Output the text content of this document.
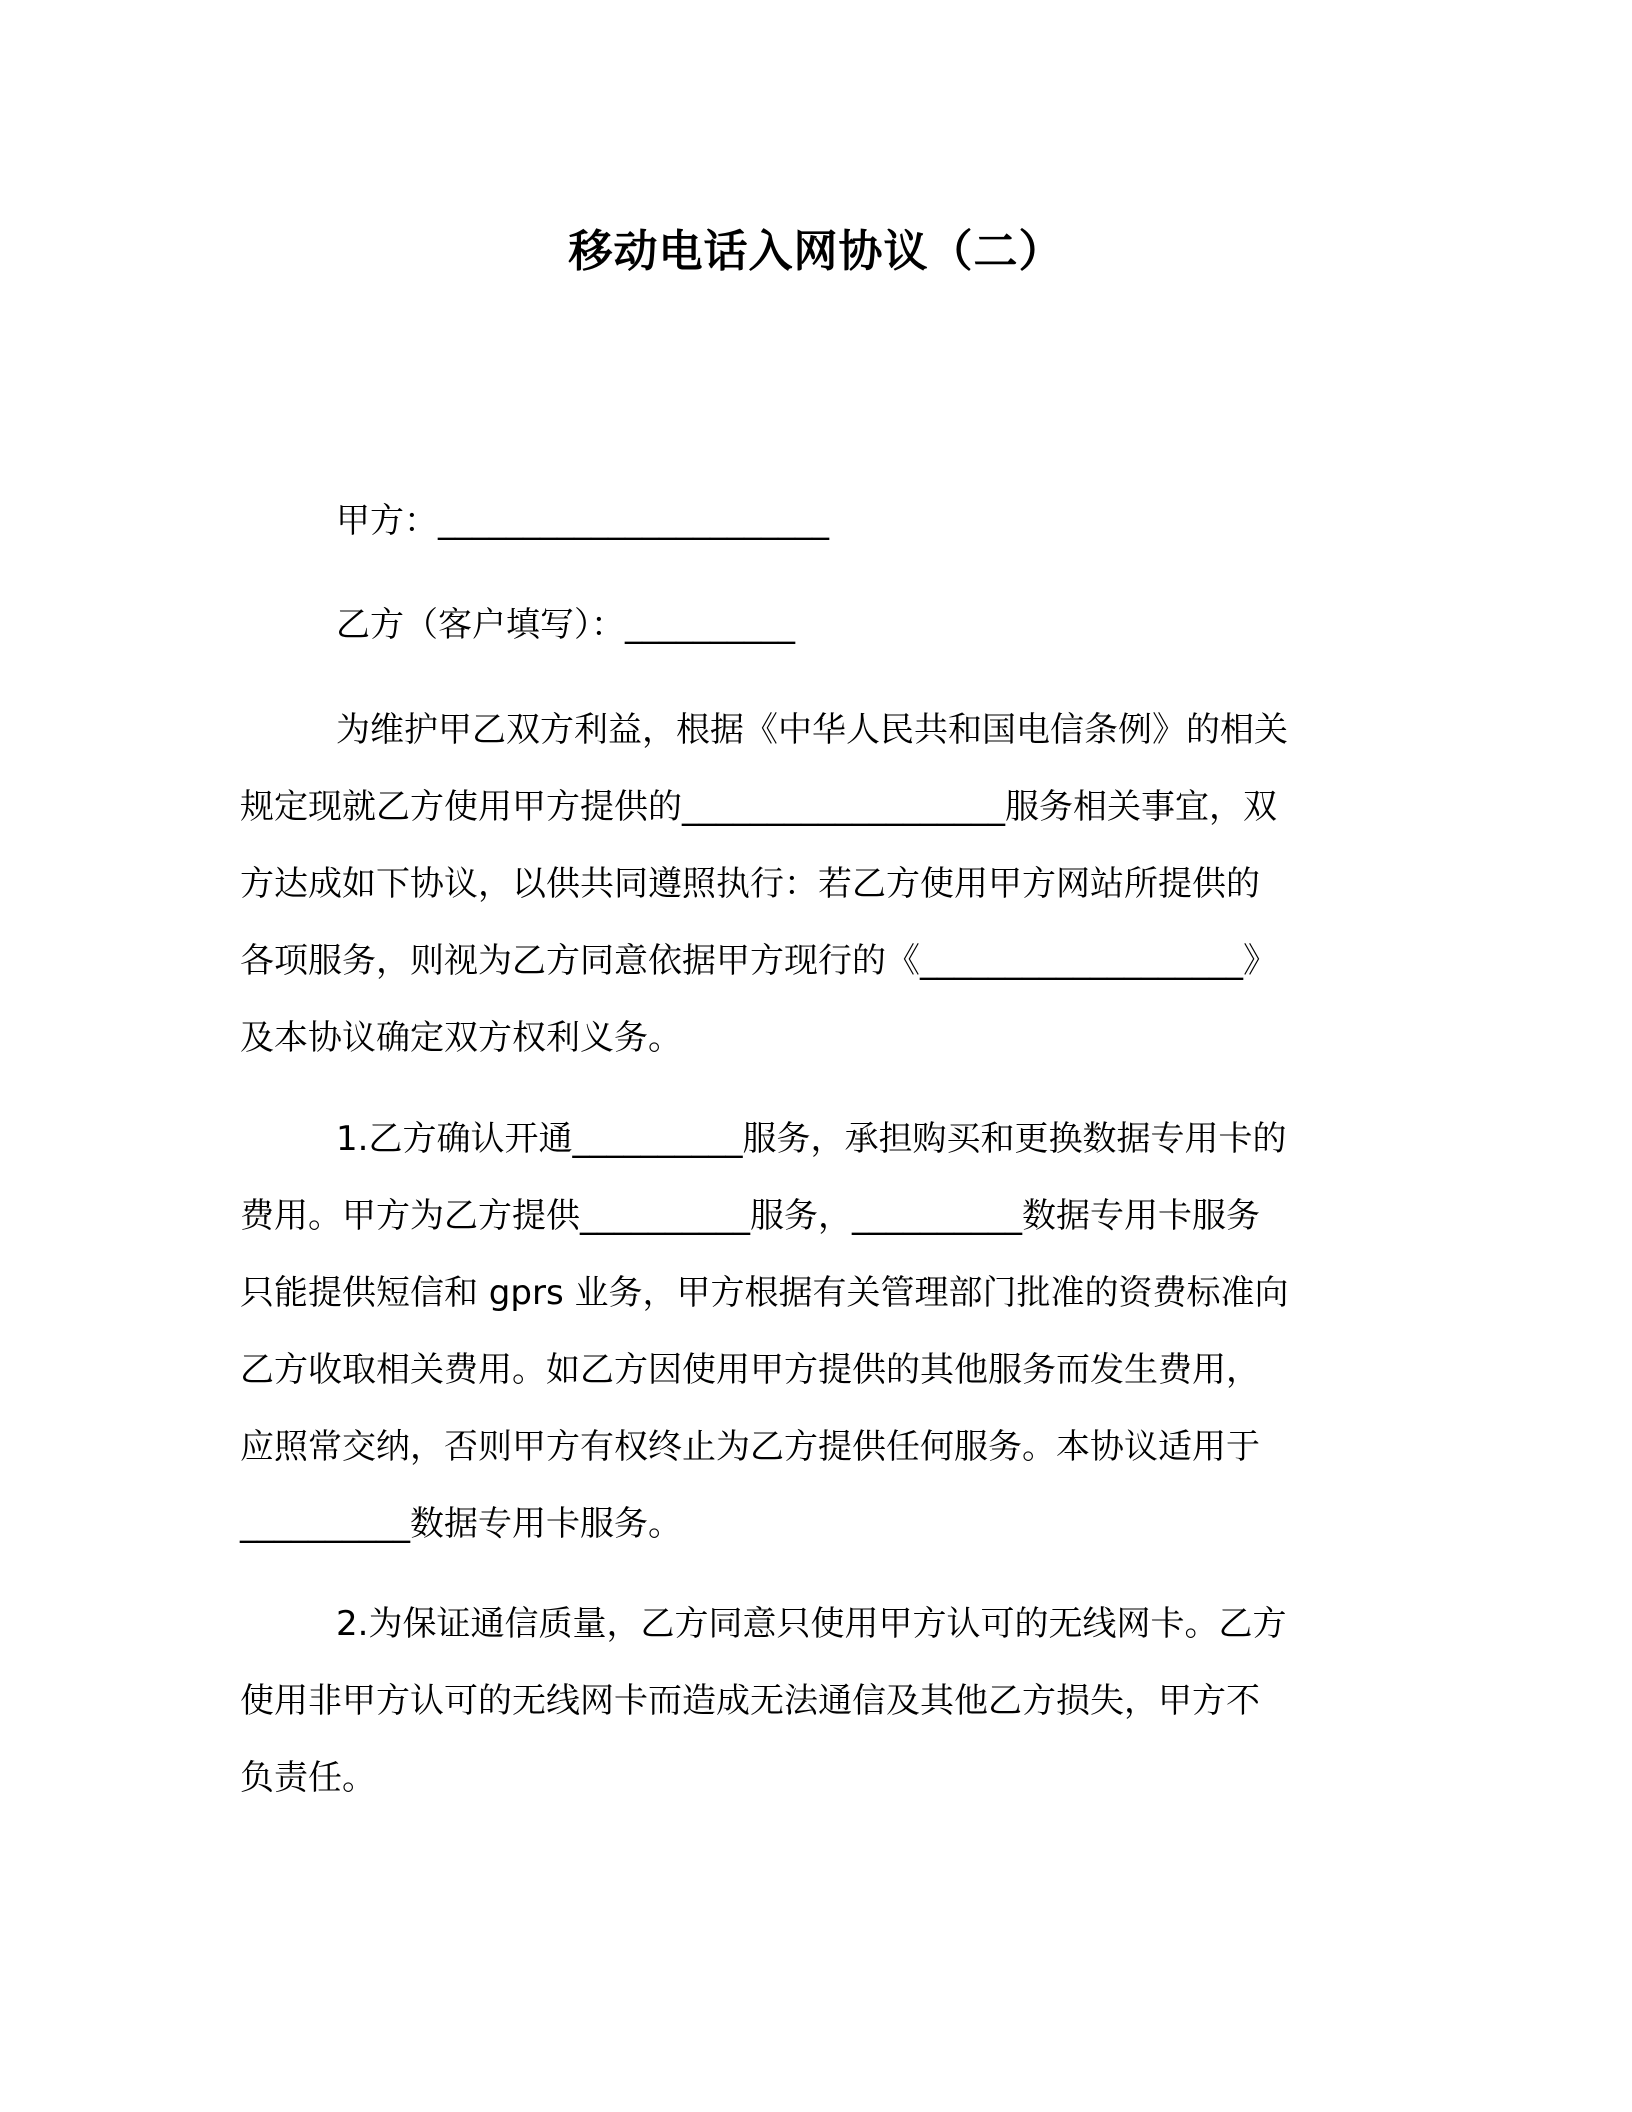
移动电话入网协议（二）
甲方：_______________________
乙方（客户填写）：__________
为维护甲乙双方利益，根据《中华人民共和国电信条例》的相关
规定现就乙方使用甲方提供的___________________服务相关事宜，双
方达成如下协议，以供共同遵照执行：若乙方使用甲方网站所提供的
各项服务，则视为乙方同意依据甲方现行的《___________________》
及本协议确定双方权利义务。
1.乙方确认开通__________服务，承担购买和更换数据专用卡的
费用。甲方为乙方提供__________服务，__________数据专用卡服务
只能提供短信和 gprs 业务，甲方根据有关管理部门批准的资费标准向
乙方收取相关费用。如乙方因使用甲方提供的其他服务而发生费用，
应照常交纳，否则甲方有权终止为乙方提供任何服务。本协议适用于
__________数据专用卡服务。
2.为保证通信质量，乙方同意只使用甲方认可的无线网卡。乙方
使用非甲方认可的无线网卡而造成无法通信及其他乙方损失，甲方不
负责任。
